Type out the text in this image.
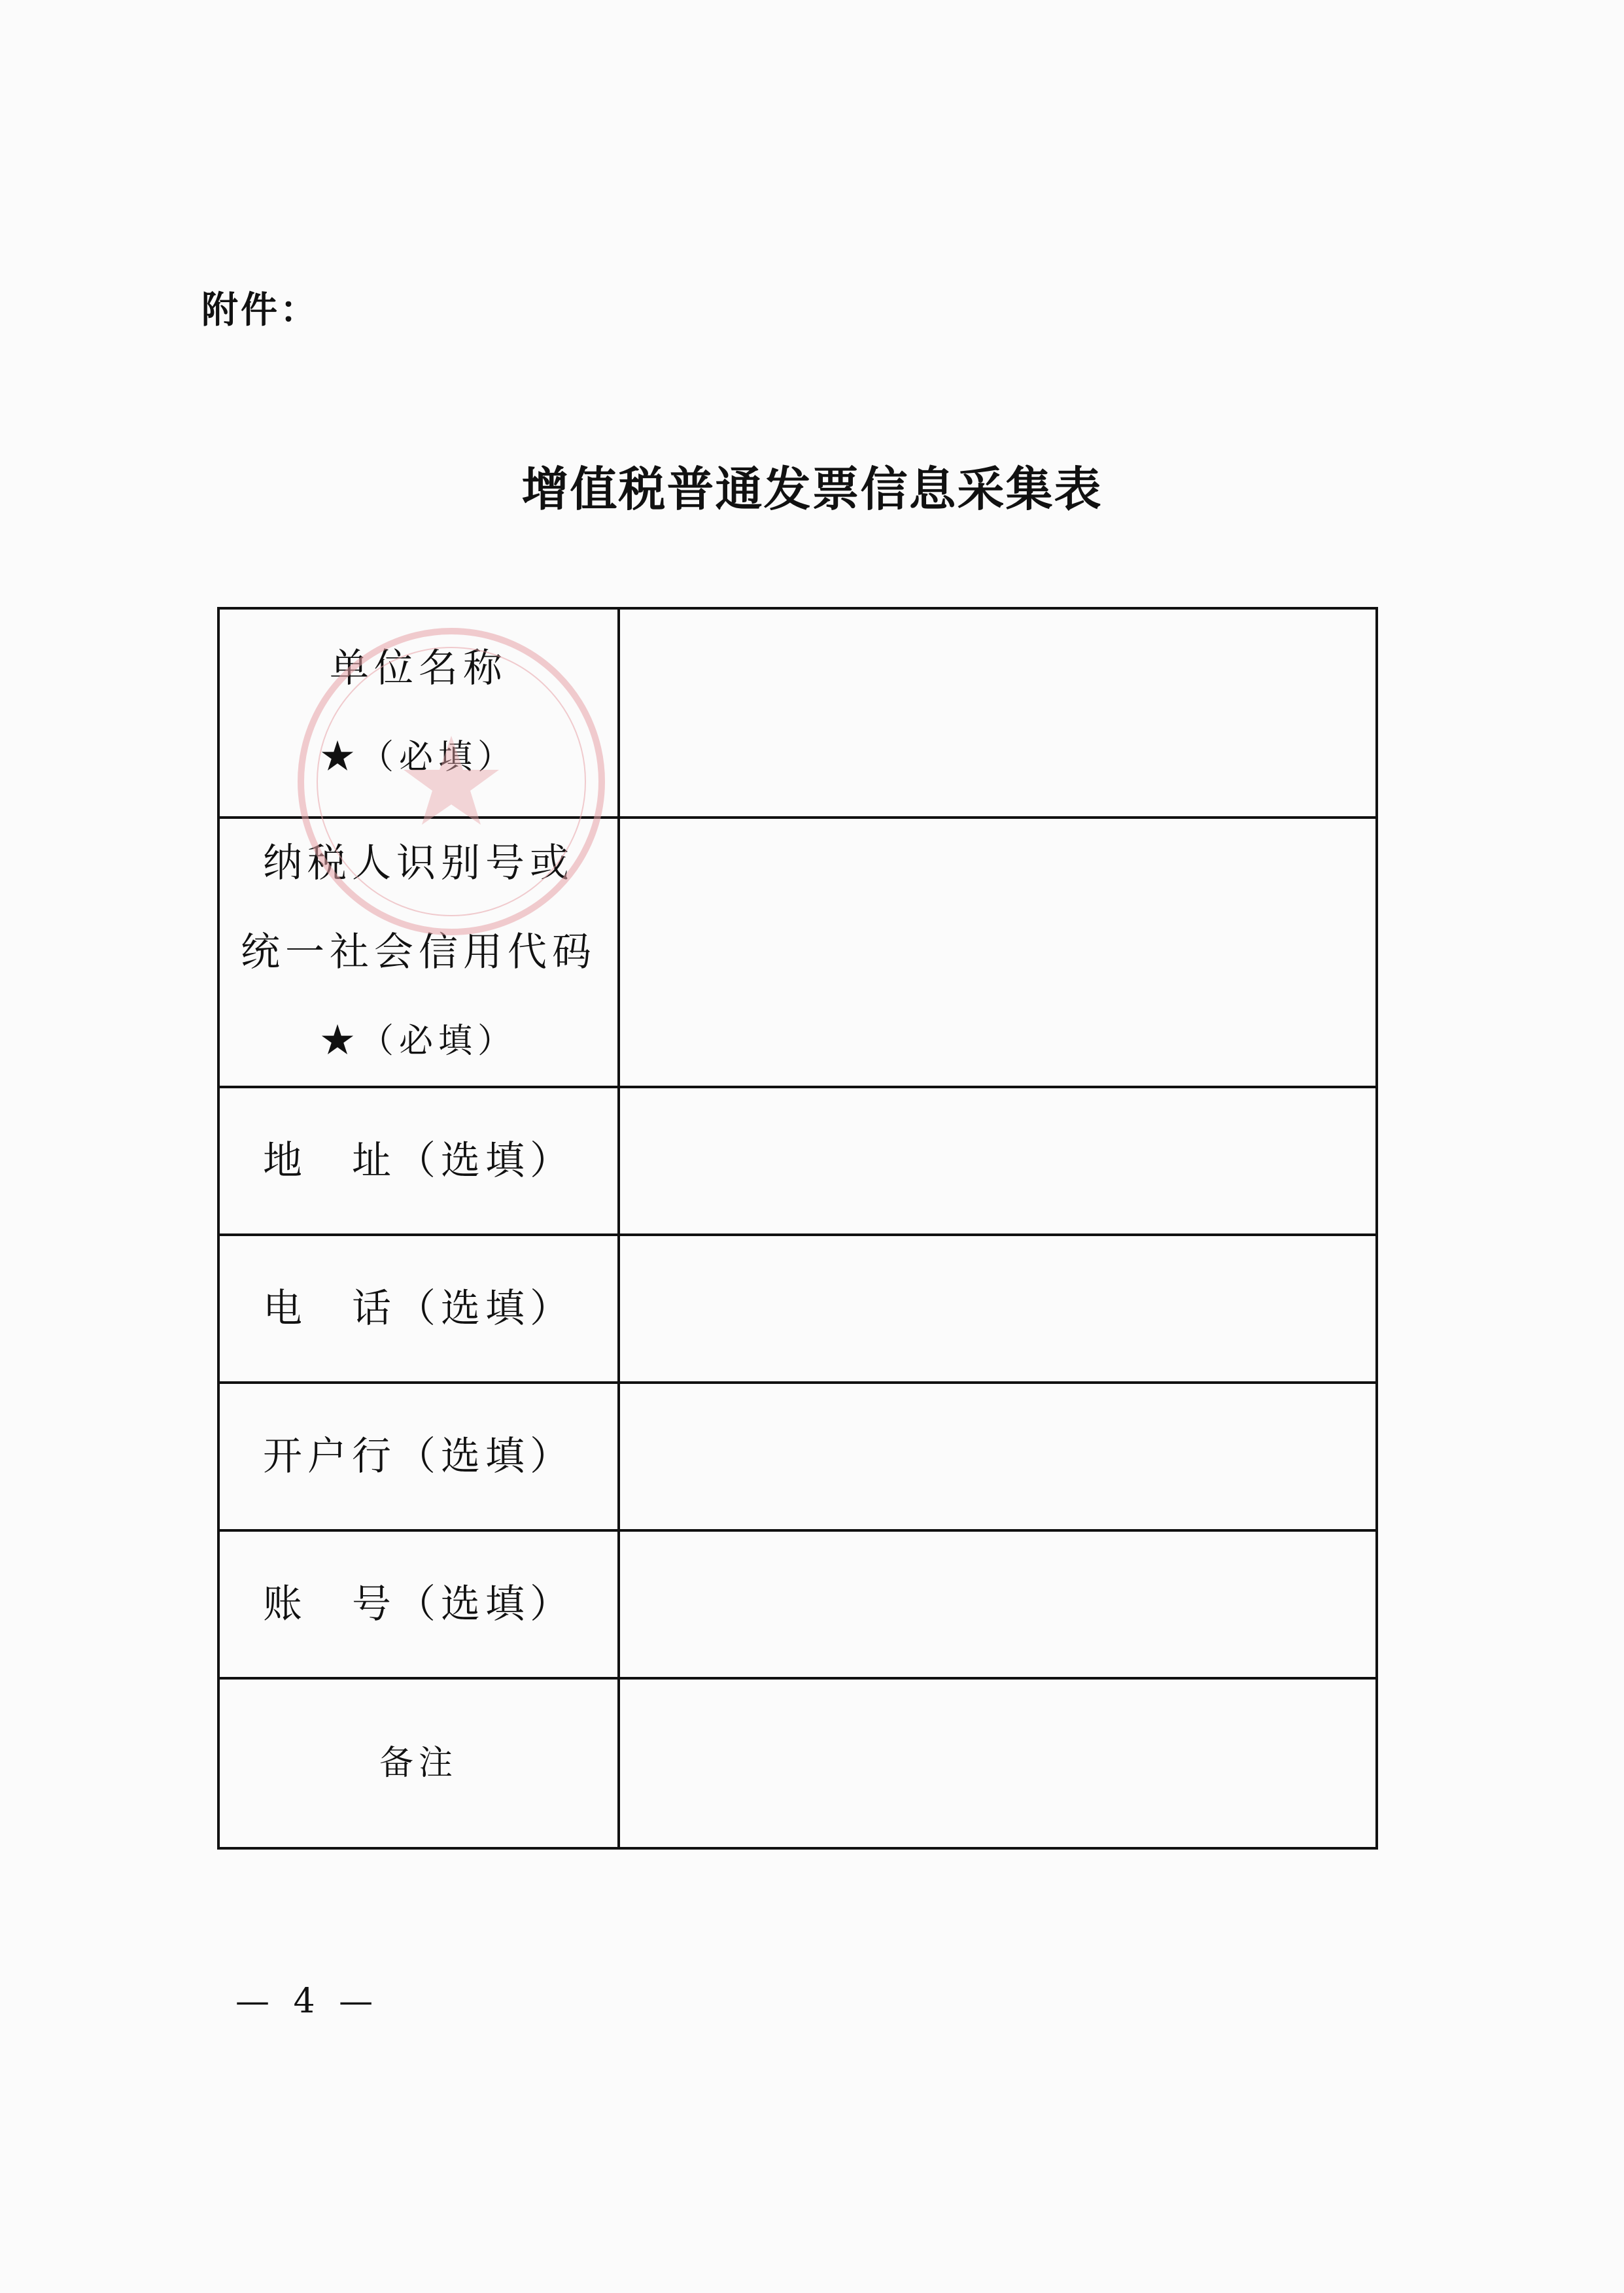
附件：
增值税普通发票信息采集表
单位名称
★（必填）	

纳税人识别号或
统一社会信用代码
★（必填）	

地　址（选填）	

电　话（选填）	

开户行（选填）	

账　号（选填）	

备注	

— 4 —
